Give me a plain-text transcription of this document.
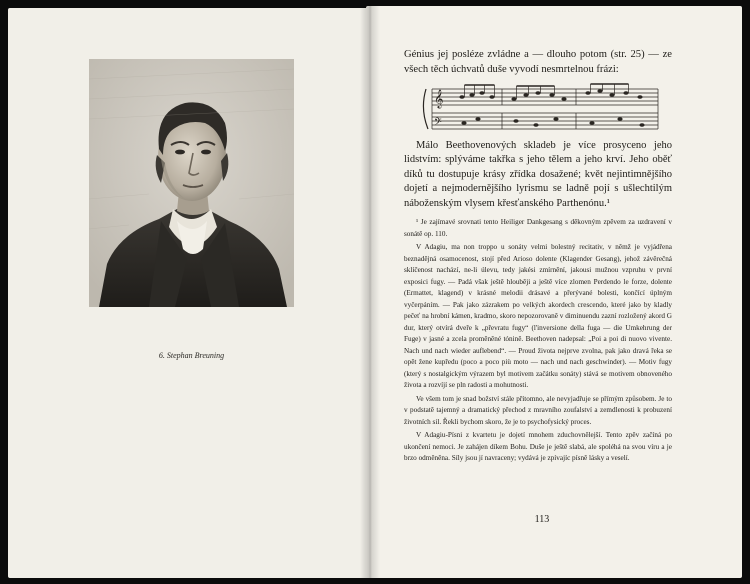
6. Stephan Breuning

Génius jej posléze zvládne a — dlouho potom (str. 25) — ze všech těch úchvatů duše vyvodí nesmrtelnou frázi:

𝄞
𝄢

Málo Beethovenových skladeb je více prosyceno jeho lidstvím: splýváme takřka s jeho tělem a jeho krví. Jeho oběť díků tu dostupuje krásy zřídka dosažené; květ nejintimnějšího dojetí a nejmodernějšího lyrismu se ladně pojí s ušlechtilým náboženským vlysem křesťanského Parthenónu.¹

¹ Je zajímavé srovnati tento Heiliger Dankgesang s děkovným zpěvem za uzdravení v sonátě op. 110.

V Adagiu, ma non troppo u sonáty velmi bolestný recitativ, v němž je vyjádřena beznadějná osamocenost, stojí před Arioso dolente (Klagender Gesang), jehož závěrečná sklíčenost nachází, ne-li úlevu, tedy jakési zmírnění, jakousi mužnou vzpruhu v první exposici fugy. — Padá však ještě hlouběji a ještě více zlomen Perdendo le forze, dolente (Ermattet, klagend) v krásné melodii drásavé a přerývané bolesti, končící úplným vyčerpáním. — Pak jako zázrakem po velkých akordech crescendo, které jako by kladly pečeť na hrobní kámen, kradmo, skoro nepozorovaně v diminuendu zazní rozložený akord G dur, který otvírá dveře k „převratu fugy“ (l'inversione della fuga — die Umkehrung der Fuge) v jasné a zcela proměněné tónině. Beethoven nadepsal: „Poi a poi di nuovo vivente. Nach und nach wieder auflebend“. — Proud života nejprve zvolna, pak jako dravá řeka se opět žene kupředu (poco a poco più moto — nach und nach geschwinder). — Motiv fugy (který s nostalgickým výrazem byl motivem začátku sonáty) stává se motivem obnoveného života a rozvíjí se pln radosti a mohutnosti.

Ve všem tom je snad božství stále přítomno, ale nevyjadřuje se přímým způsobem. Je to v podstatě tajemný a dramatický přechod z mravního zoufalství a zemdlenosti k probuzení životních sil. Řekli bychom skoro, že je to psychofysický proces.

V Adagiu-Písni z kvartetu je dojetí mnohem zduchovnělejší. Tento zpěv začíná po ukončení nemoci. Je zahájen díkem Bohu. Duše je ještě slabá, ale spoléhá na svou víru a je brzo odměněna. Síly jsou jí navraceny; vydává je zpívajíc písně lásky a veselí.

113
